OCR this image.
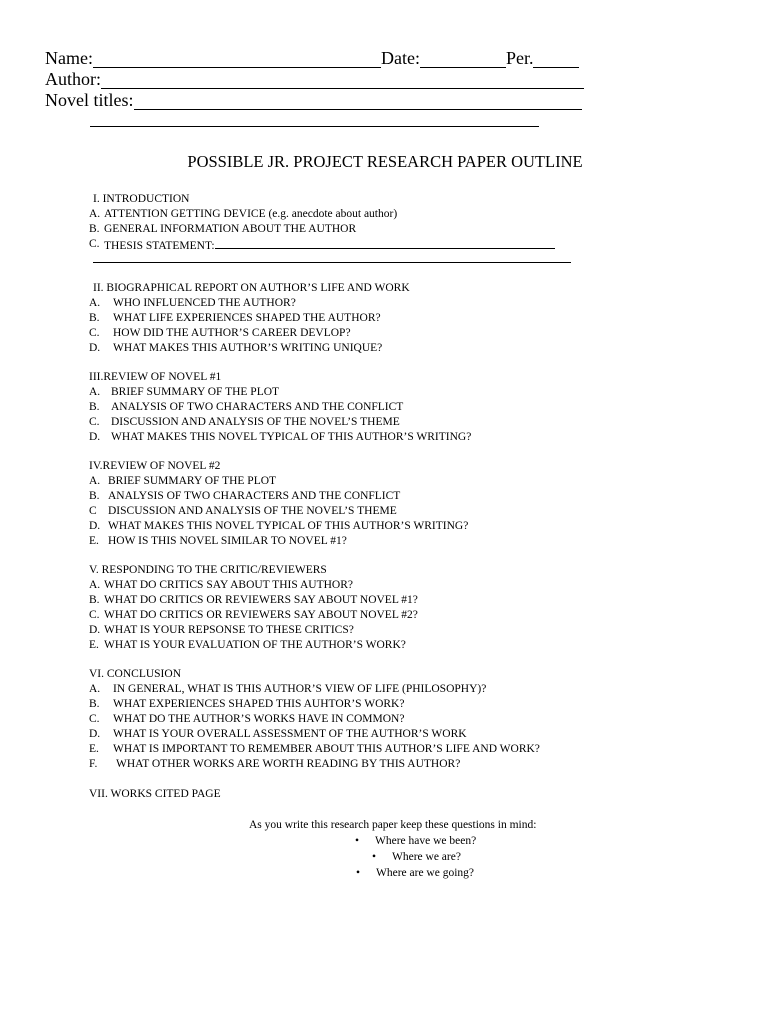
Name:	Date:	Per.
Author:
Novel titles:
POSSIBLE JR. PROJECT RESEARCH PAPER OUTLINE
I. INTRODUCTION
A. ATTENTION GETTING DEVICE (e.g. anecdote about author)
B. GENERAL INFORMATION ABOUT THE AUTHOR
C. THESIS STATEMENT:
II. BIOGRAPHICAL REPORT ON AUTHOR’S LIFE AND WORK
A. WHO INFLUENCED THE AUTHOR?
B. WHAT LIFE EXPERIENCES SHAPED THE AUTHOR?
C. HOW DID THE AUTHOR’S CAREER DEVLOP?
D. WHAT MAKES THIS AUTHOR’S WRITING UNIQUE?
III.REVIEW OF NOVEL #1
A. BRIEF SUMMARY OF THE PLOT
B. ANALYSIS OF TWO CHARACTERS AND THE CONFLICT
C. DISCUSSION AND ANALYSIS OF THE NOVEL’S THEME
D. WHAT MAKES THIS NOVEL TYPICAL OF THIS AUTHOR’S WRITING?
IV.REVIEW OF NOVEL #2
A. BRIEF SUMMARY OF THE PLOT
B. ANALYSIS OF TWO CHARACTERS AND THE CONFLICT
C DISCUSSION AND ANALYSIS OF THE NOVEL’S THEME
D. WHAT MAKES THIS NOVEL TYPICAL OF THIS AUTHOR’S WRITING?
E. HOW IS THIS NOVEL SIMILAR TO NOVEL #1?
V. RESPONDING TO THE CRITIC/REVIEWERS
A. WHAT DO CRITICS SAY ABOUT THIS AUTHOR?
B. WHAT DO CRITICS OR REVIEWERS SAY ABOUT NOVEL #1?
C. WHAT DO CRITICS OR REVIEWERS SAY ABOUT NOVEL #2?
D. WHAT IS YOUR REPSONSE TO THESE CRITICS?
E. WHAT IS YOUR EVALUATION OF THE AUTHOR’S WORK?
VI. CONCLUSION
A. IN GENERAL, WHAT IS THIS AUTHOR’S VIEW OF LIFE (PHILOSOPHY)?
B. WHAT EXPERIENCES SHAPED THIS AUHTOR’S WORK?
C. WHAT DO THE AUTHOR’S WORKS HAVE IN COMMON?
D. WHAT IS YOUR OVERALL ASSESSMENT OF THE AUTHOR’S WORK
E. WHAT IS IMPORTANT TO REMEMBER ABOUT THIS AUTHOR’S LIFE AND WORK?
F. WHAT OTHER WORKS ARE WORTH READING BY THIS AUTHOR?
VII. WORKS CITED PAGE
As you write this research paper keep these questions in mind:
• Where have we been?
• Where we are?
• Where are we going?
